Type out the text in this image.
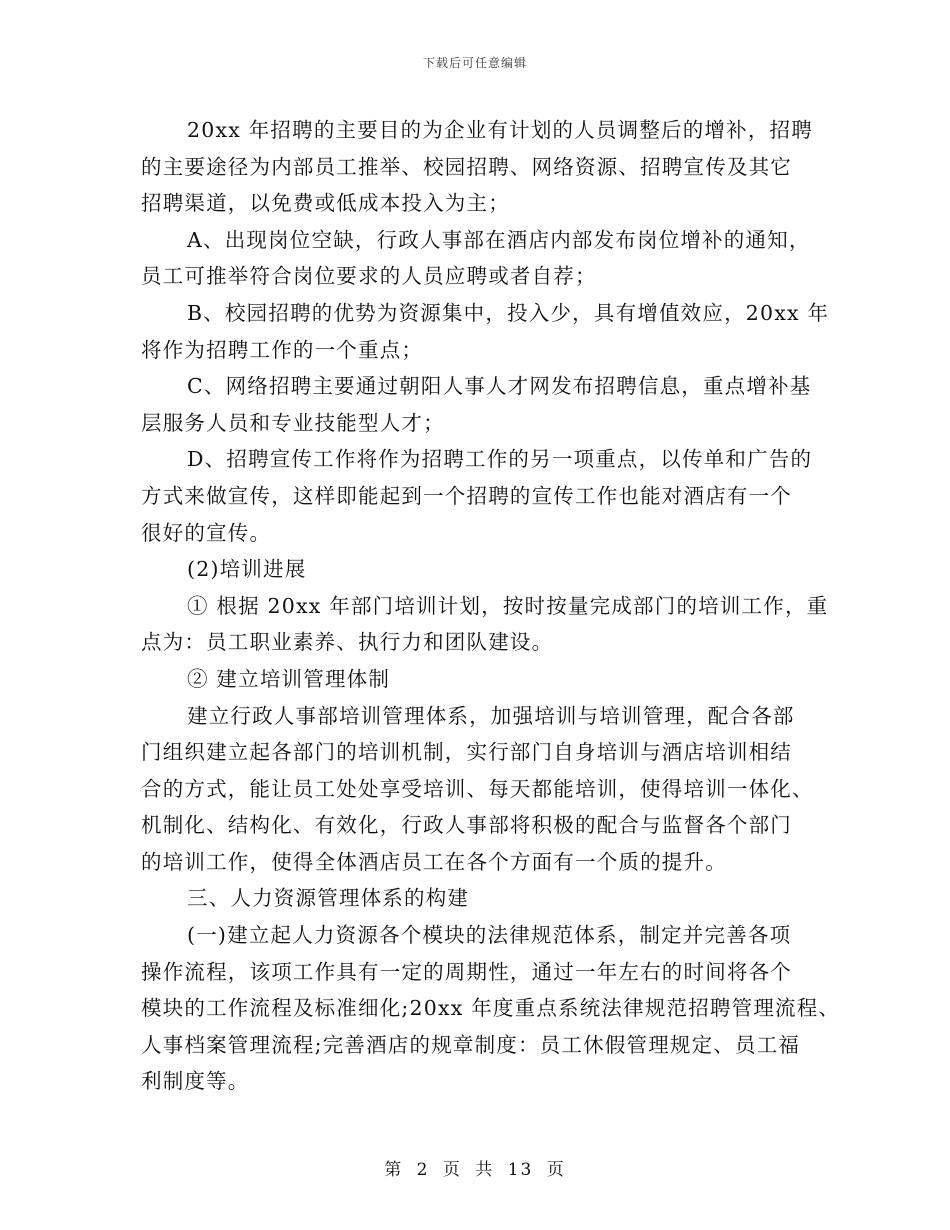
下载后可任意编辑

20xx 年招聘的主要目的为企业有计划的人员调整后的增补，招聘

的主要途径为内部员工推举、校园招聘、网络资源、招聘宣传及其它

招聘渠道，以免费或低成本投入为主；

A、出现岗位空缺，行政人事部在酒店内部发布岗位增补的通知，

员工可推举符合岗位要求的人员应聘或者自荐；

B、校园招聘的优势为资源集中，投入少，具有增值效应，20xx 年

将作为招聘工作的一个重点；

C、网络招聘主要通过朝阳人事人才网发布招聘信息，重点增补基

层服务人员和专业技能型人才；

D、招聘宣传工作将作为招聘工作的另一项重点，以传单和广告的

方式来做宣传，这样即能起到一个招聘的宣传工作也能对酒店有一个

很好的宣传。

(2)培训进展

① 根据 20xx 年部门培训计划，按时按量完成部门的培训工作，重

点为：员工职业素养、执行力和团队建设。

② 建立培训管理体制

建立行政人事部培训管理体系，加强培训与培训管理，配合各部

门组织建立起各部门的培训机制，实行部门自身培训与酒店培训相结

合的方式，能让员工处处享受培训、每天都能培训，使得培训一体化、

机制化、结构化、有效化，行政人事部将积极的配合与监督各个部门

的培训工作，使得全体酒店员工在各个方面有一个质的提升。

三、人力资源管理体系的构建

(一)建立起人力资源各个模块的法律规范体系，制定并完善各项

操作流程，该项工作具有一定的周期性，通过一年左右的时间将各个

模块的工作流程及标准细化;20xx 年度重点系统法律规范招聘管理流程、

人事档案管理流程;完善酒店的规章制度：员工休假管理规定、员工福

利制度等。

第 2 页 共 13 页
